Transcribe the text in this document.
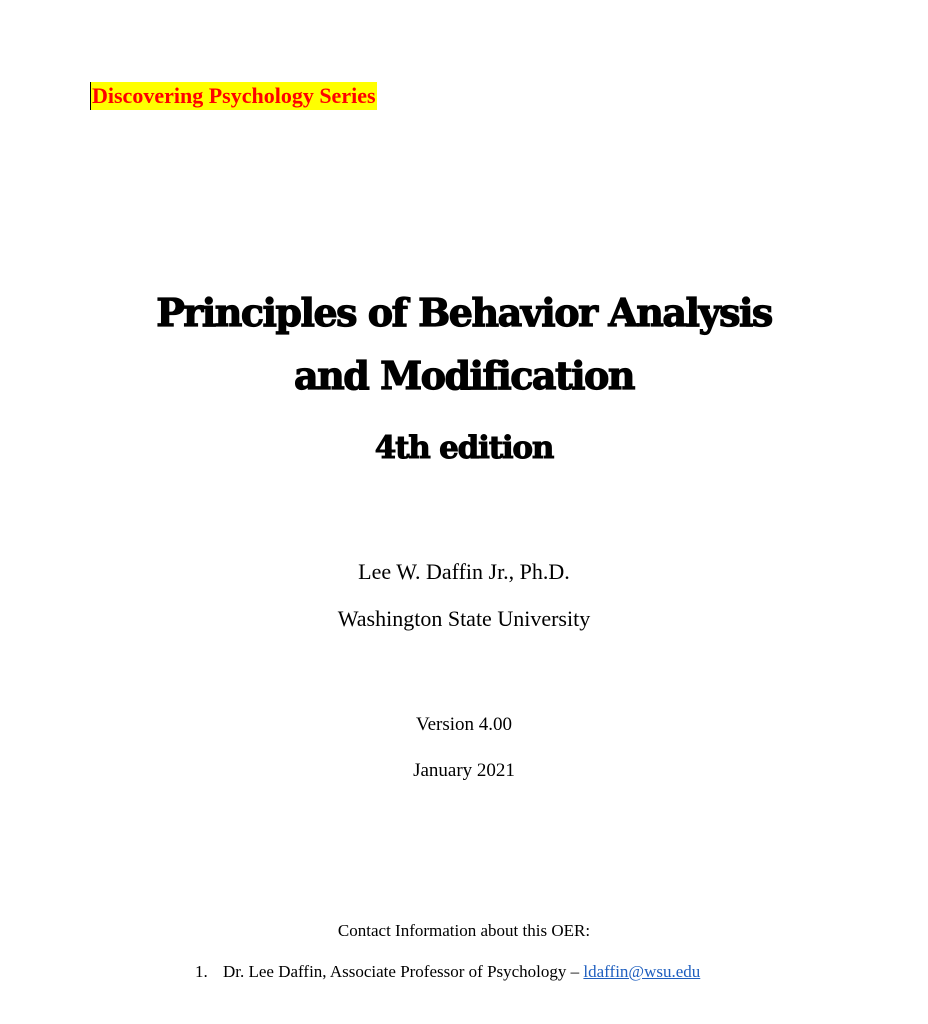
Discovering Psychology Series
Principles of Behavior Analysis
and Modification
4th edition
Lee W. Daffin Jr., Ph.D.
Washington State University
Version 4.00
January 2021
Contact Information about this OER:
1. Dr. Lee Daffin, Associate Professor of Psychology – ldaffin@wsu.edu
